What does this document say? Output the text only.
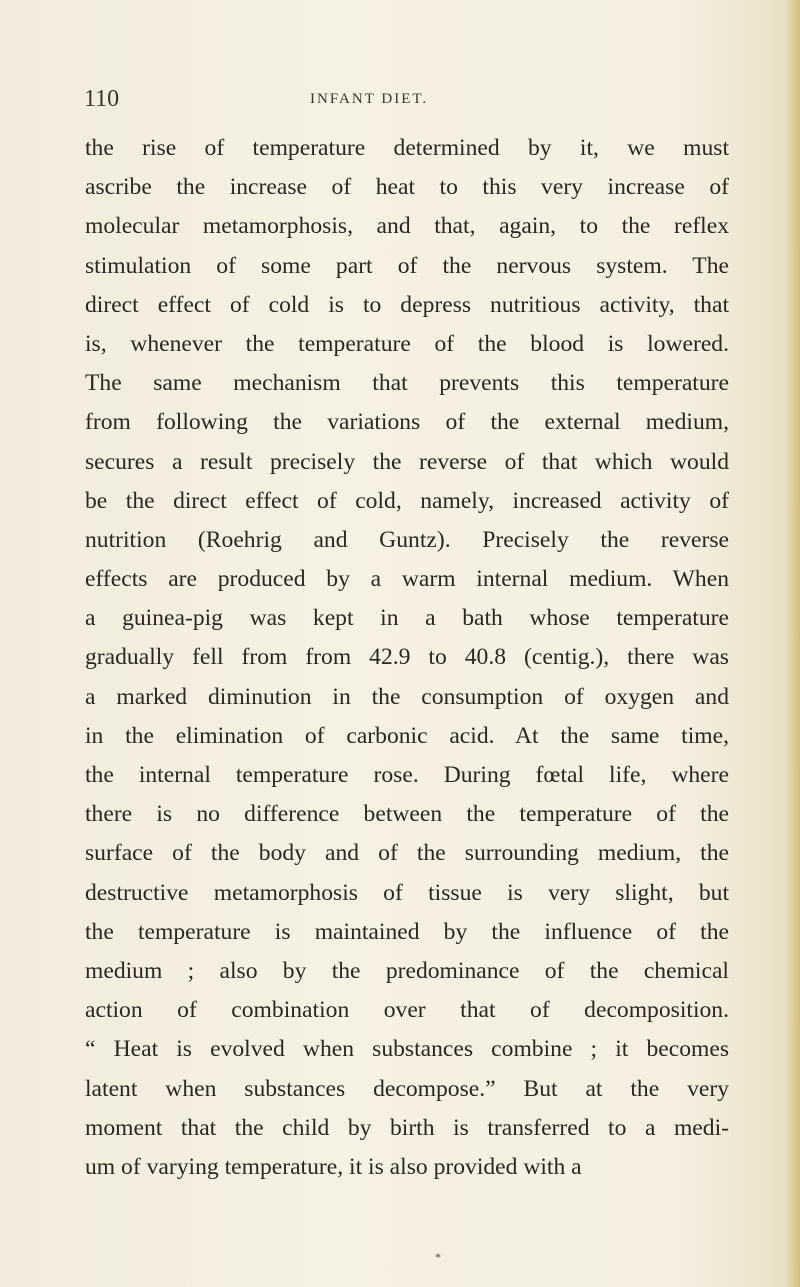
110	INFANT DIET.
the rise of temperature determined by it, we must
ascribe the increase of heat to this very increase of
molecular metamorphosis, and that, again, to the reflex
stimulation of some part of the nervous system. The
direct effect of cold is to depress nutritious activity, that
is, whenever the temperature of the blood is lowered.
The same mechanism that prevents this temperature
from following the variations of the external medium,
secures a result precisely the reverse of that which would
be the direct effect of cold, namely, increased activity of
nutrition (Roehrig and Guntz). Precisely the reverse
effects are produced by a warm internal medium. When
a guinea-pig was kept in a bath whose temperature
gradually fell from from 42.9 to 40.8 (centig.), there was
a marked diminution in the consumption of oxygen and
in the elimination of carbonic acid. At the same time,
the internal temperature rose. During fœtal life, where
there is no difference between the temperature of the
surface of the body and of the surrounding medium, the
destructive metamorphosis of tissue is very slight, but
the temperature is maintained by the influence of the
medium ; also by the predominance of the chemical
action of combination over that of decomposition.
“ Heat is evolved when substances combine ; it becomes
latent when substances decompose.” But at the very
moment that the child by birth is transferred to a medi-
um of varying temperature, it is also provided with a
*
